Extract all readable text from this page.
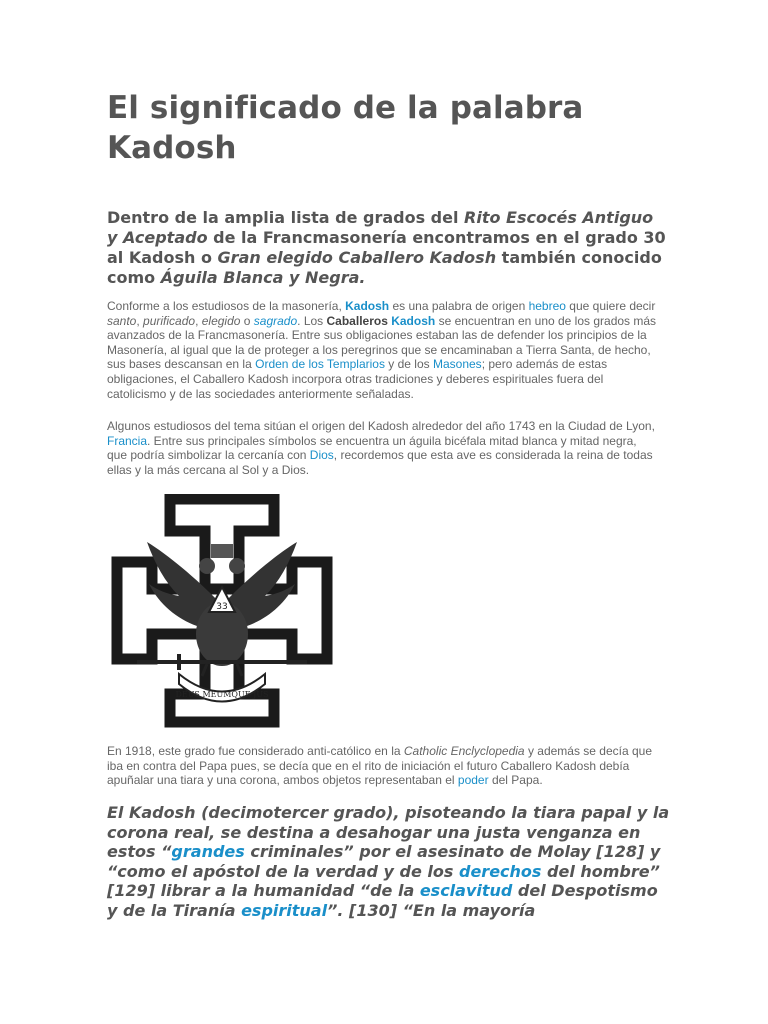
El significado de la palabra Kadosh

Dentro de la amplia lista de grados del Rito Escocés Antiguo y Aceptado de la Francmasonería encontramos en el grado 30 al Kadosh o Gran elegido Caballero Kadosh también conocido como Águila Blanca y Negra.

Conforme a los estudiosos de la masonería, Kadosh es una palabra de origen hebreo que quiere decir santo, purificado, elegido o sagrado. Los Caballeros Kadosh se encuentran en uno de los grados más avanzados de la Francmasonería. Entre sus obligaciones estaban las de defender los principios de la Masonería, al igual que la de proteger a los peregrinos que se encaminaban a Tierra Santa, de hecho, sus bases descansan en la Orden de los Templarios y de los Masones; pero además de estas obligaciones, el Caballero Kadosh incorpora otras tradiciones y deberes espirituales fuera del catolicismo y de las sociedades anteriormente señaladas.

Algunos estudiosos del tema sitúan el origen del Kadosh alrededor del año 1743 en la Ciudad de Lyon, Francia. Entre sus principales símbolos se encuentra un águila bicéfala mitad blanca y mitad negra, que podría simbolizar la cercanía con Dios, recordemos que esta ave es considerada la reina de todas ellas y la más cercana al Sol y a Dios.

33
DEUS MEUMQUE JUS

En 1918, este grado fue considerado anti-católico en la Catholic Enclyclopedia y además se decía que iba en contra del Papa pues, se decía que en el rito de iniciación el futuro Caballero Kadosh debía apuñalar una tiara y una corona, ambos objetos representaban el poder del Papa.

El Kadosh (decimotercer grado), pisoteando la tiara papal y la corona real, se destina a desahogar una justa venganza en estos “grandes criminales” por el asesinato de Molay [128] y “como el apóstol de la verdad y de los derechos del hombre” [129] librar a la humanidad “de la esclavitud del Despotismo y de la Tiranía espiritual”. [130] “En la mayoría
